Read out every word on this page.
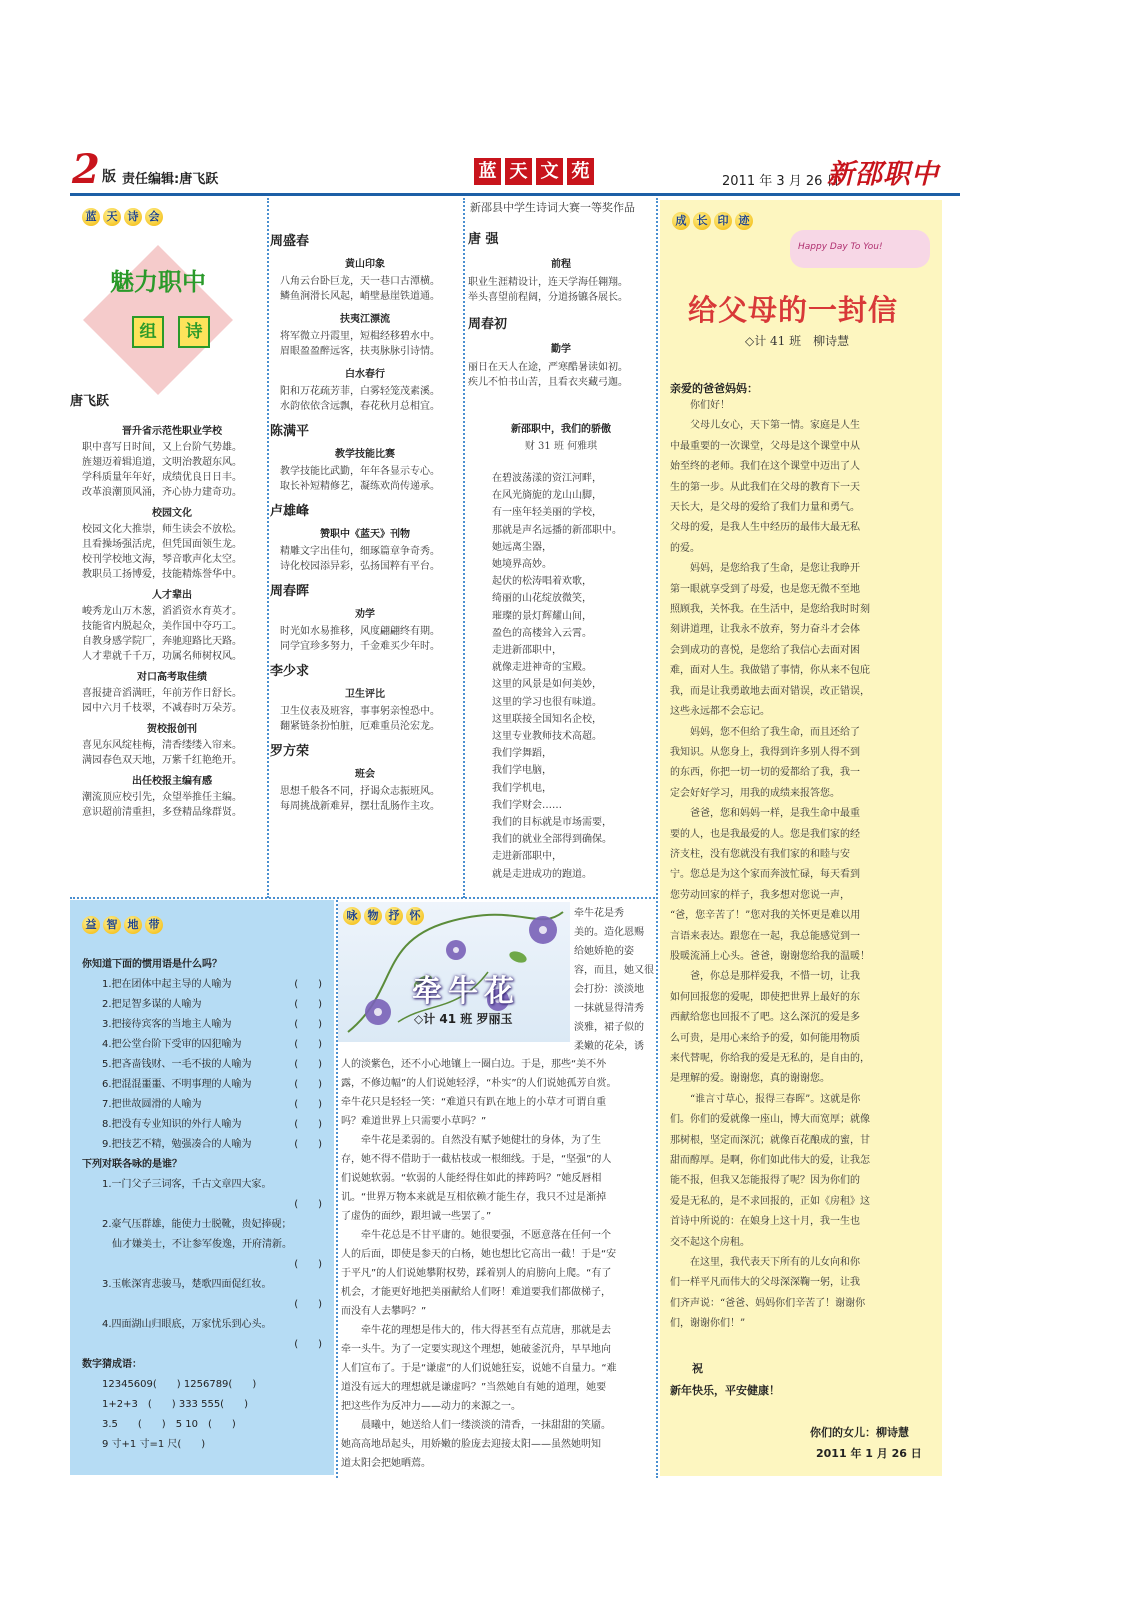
2 版 责任编辑:唐飞跃	蓝 天 文 苑	2011 年 3 月 26 日
新邵职中
蓝 天 诗 会
魅力职中
组	诗
唐飞跃
晋升省示范性职业学校
职中喜写日时间，又上台阶气势雄。
旌翅迈着辑追道，文明治教超东风。
学科质量年年好，成绩优良日日丰。
改革浪潮顶风涌，齐心协力建奇功。
校园文化
校园文化大推崇，师生读会不放松。
且看操场强活虎，但凭国面领生龙。
校刊学校地文海，琴音歌声化太空。
教职员工扬博爱，技能精炼誉华中。
人才辈出
峻秀龙山万木葱，滔滔资水育英才。
技能省内脱起众，美作国中夺巧工。
自教身感学院厂，奔驰迎路比天路。
人才辈就千千万，功属名师树权风。
对口高考取佳绩
喜报捷音滔满旺，年前芳作日舒长。
园中六月千枝翠，不减春时万朵芳。
贺校报创刊
喜见东风绽桂梅，清香缕缕入帘来。
满园春色双天地，万紫千红艳绝开。
出任校报主编有感
潮流顶应校引先，众望举推任主编。
意识超前清重担，多登精品缘群贤。
周盛春
黄山印象
八角云台卧巨龙，天一巷口古潭横。
鳞鱼涧滑长风起，峭壁悬崖铁道通。
扶夷江漂流
将军微立丹霞里，短楫经移碧水中。
眉眼盈盈醉远客，扶夷脉脉引诗情。
白水春行
阳和万花疏芳菲，白雾轻笼茂素溪。
水韵依依含远飘，春花秋月总相宜。
陈满平
教学技能比赛
教学技能比武勤，年年各显示专心。
取长补短精修艺，凝练欢尚传递承。
卢雄峰
赞职中《蓝天》刊物
精雕文字出佳句，细琢篇章争奇秀。
诗化校园添异彩，弘扬国粹有平台。
周春晖
劝学
时光如水易推移，风度翩翩终有期。
同学宜珍多努力，千金难买少年时。
李少求
卫生评比
卫生仪表及班容，事事躬亲惶恐中。
翻紧链条扮怕脏，厄难重员沦宏龙。
罗方荣
班会
思想千般各不同，抒谒众志振班风。
每周挑战新难昇，摆壮乱肠作主攻。
新邵县中学生诗词大赛一等奖作品
唐 强
前程
职业生涯精设计，连天学海任翱翔。
举头喜望前程阔，分道扬镳各展长。
周春初
勤学
丽日在天人在途，严寒酷暑读如初。
疾儿不怕书山苦，且看衣夹藏弓迦。
新邵职中，我们的骄傲
财 31 班 何雅琪
在碧波荡漾的资江河畔，
在风光旖旎的龙山山脚，
有一座年轻美丽的学校，
那就是声名远播的新邵职中。
她远离尘器，
她境界高妙。
起伏的松涛唱着欢歌，
绮丽的山花绽放微笑，
璀璨的景灯辉耀山间，
盈色的高楼耸入云霄。
走进新邵职中，
就像走进神奇的宝殿。
这里的风景是如何美妙，
这里的学习也很有味道。
这里联接全国知名企校，
这里专业教师技术高超。
我们学舞蹈，
我们学电脑，
我们学机电，
我们学财会……
我们的目标就是市场需要，
我们的就业全部得到确保。
走进新邵职中，
就是走进成功的跑道。
益 智 地 带
你知道下面的惯用语是什么吗？
1.把在团体中起主导的人喻为	(　　)
2.把足智多谋的人喻为	(　　)
3.把接待宾客的当地主人喻为	(　　)
4.把公堂台阶下受审的囚犯喻为	(　　)
5.把吝啬钱财、一毛不拔的人喻为	(　　)
6.把混混噩噩、不明事理的人喻为	(　　)
7.把世故圆滑的人喻为	(　　)
8.把没有专业知识的外行人喻为	(　　)
9.把技艺不精，勉强凑合的人喻为	(　　)
下列对联各咏的是谁？
1.一门父子三词客，千古文章四大家。
(　　)
2.豪气压群雄，能使力士脱靴，贵妃捧砚；
　仙才嫌美士，不让参军俊逸，开府清新。
(　　)
3.玉帐深宵悲骏马，楚歌四面促红妆。
(　　)
4.四面湖山归眼底，万家忧乐到心头。
(　　)
数字猜成语：
12345609(　　) 1256789(　　)
1+2+3　(　　) 333 555(　　)
3.5　　(　　)　5 10　(　　)
9 寸+1 寸=1 尺(　　)
咏 物 抒 怀
牵牛花
◇计 41 班 罗丽玉
牵牛花是秀
美的。造化恩赐
给她娇艳的姿
容，而且，她又很
会打扮：淡淡地
一抹就显得清秀
淡雅，裙子似的
柔嫩的花朵，诱
人的淡紫色，还不小心地镶上一圈白边。于是，那些“美不外
露，不修边幅”的人们说她轻浮，“朴实”的人们说她孤芳自赏。
牵牛花只是轻轻一笑：“难道只有趴在地上的小草才可谓自重
吗？难道世界上只需要小草吗？”
　　牵牛花是柔弱的。自然没有赋予她健壮的身体，为了生
存，她不得不借助于一截枯枝或一根细线。于是，“坚强”的人
们说她软弱。“软弱的人能经得住如此的摔跨吗？”她反唇相
讥。“世界万物本来就是互相依赖才能生存，我只不过是渐掉
了虚伪的面纱，跟坦诚一些罢了。”
　　牵牛花总是不甘平庸的。她很要强，不愿意落在任何一个
人的后面，即使是参天的白杨，她也想比它高出一截！于是“安
于平凡”的人们说她攀附权势，踩着别人的肩膀向上爬。“有了
机会，才能更好地把美丽献给人们呀！难道要我们都做梯子，
而没有人去攀吗？”
　　牵牛花的理想是伟大的，伟大得甚至有点荒唐，那就是去
牵一头牛。为了一定要实现这个理想，她破釜沉舟，早早地向
人们宣布了。于是“谦虚”的人们说她狂妄，说她不自量力。“难
道没有远大的理想就是谦虚吗？”当然她自有她的道理，她要
把这些作为反冲力——动力的来源之一。
　　晨曦中，她送给人们一缕淡淡的清香，一抹甜甜的笑靥。
她高高地昂起头，用娇嫩的脸庞去迎接太阳——虽然她明知
道太阳会把她晒蔫。
成 长 印 迹
Happy Day To You!
给父母的一封信
◇计 41 班　柳诗慧
亲爱的爸爸妈妈：
　　你们好！
　　父母儿女心，天下第一情。家庭是人生
中最重要的一次课堂，父母是这个课堂中从
始至终的老师。我们在这个课堂中迈出了人
生的第一步。从此我们在父母的教育下一天
天长大，是父母的爱给了我们力量和勇气。
父母的爱，是我人生中经历的最伟大最无私
的爱。
　　妈妈，是您给我了生命，是您让我睁开
第一眼就享受到了母爱，也是您无微不至地
照顾我，关怀我。在生活中，是您给我时时刻
刻讲道理，让我永不放弃，努力奋斗才会体
会到成功的喜悦，是您给了我信心去面对困
难，面对人生。我做错了事情，你从来不包庇
我，而是让我勇敢地去面对错误，改正错误，
这些永远都不会忘记。
　　妈妈，您不但给了我生命，而且还给了
我知识。从您身上，我得到许多别人得不到
的东西，你把一切一切的爱都给了我，我一
定会好好学习，用我的成绩来报答您。
　　爸爸，您和妈妈一样，是我生命中最重
要的人，也是我最爱的人。您是我们家的经
济支柱，没有您就没有我们家的和睦与安
宁。您总是为这个家而奔波忙碌，每天看到
您劳动回家的样子，我多想对您说一声，
“爸，您辛苦了！”您对我的关怀更是难以用
言语来表达。跟您在一起，我总能感觉到一
股暖流涌上心头。爸爸，谢谢您给我的温暖！
　　爸，你总是那样爱我，不惜一切，让我
如何回报您的爱呢，即使把世界上最好的东
西献给您也回报不了吧。这么深沉的爱是多
么可贵，是用心来给予的爱，如何能用物质
来代替呢，你给我的爱是无私的，是自由的，
是理解的爱。谢谢您，真的谢谢您。
　　“谁言寸草心，报得三春晖”。这就是你
们。你们的爱就像一座山，博大而宽厚；就像
那树根，坚定而深沉；就像百花酿成的蜜，甘
甜而醇厚。是啊，你们如此伟大的爱，让我怎
能不报，但我又怎能报得了呢？因为你们的
爱是无私的，是不求回报的，正如《房租》这
首诗中所说的：在娘身上这十月，我一生也
交不起这个房租。
　　在这里，我代表天下所有的儿女向和你
们一样平凡而伟大的父母深深鞠一躬，让我
们齐声说：“爸爸、妈妈你们辛苦了！谢谢你
们，谢谢你们！”
　　祝
新年快乐，平安健康！
你们的女儿：柳诗慧
2011 年 1 月 26 日
